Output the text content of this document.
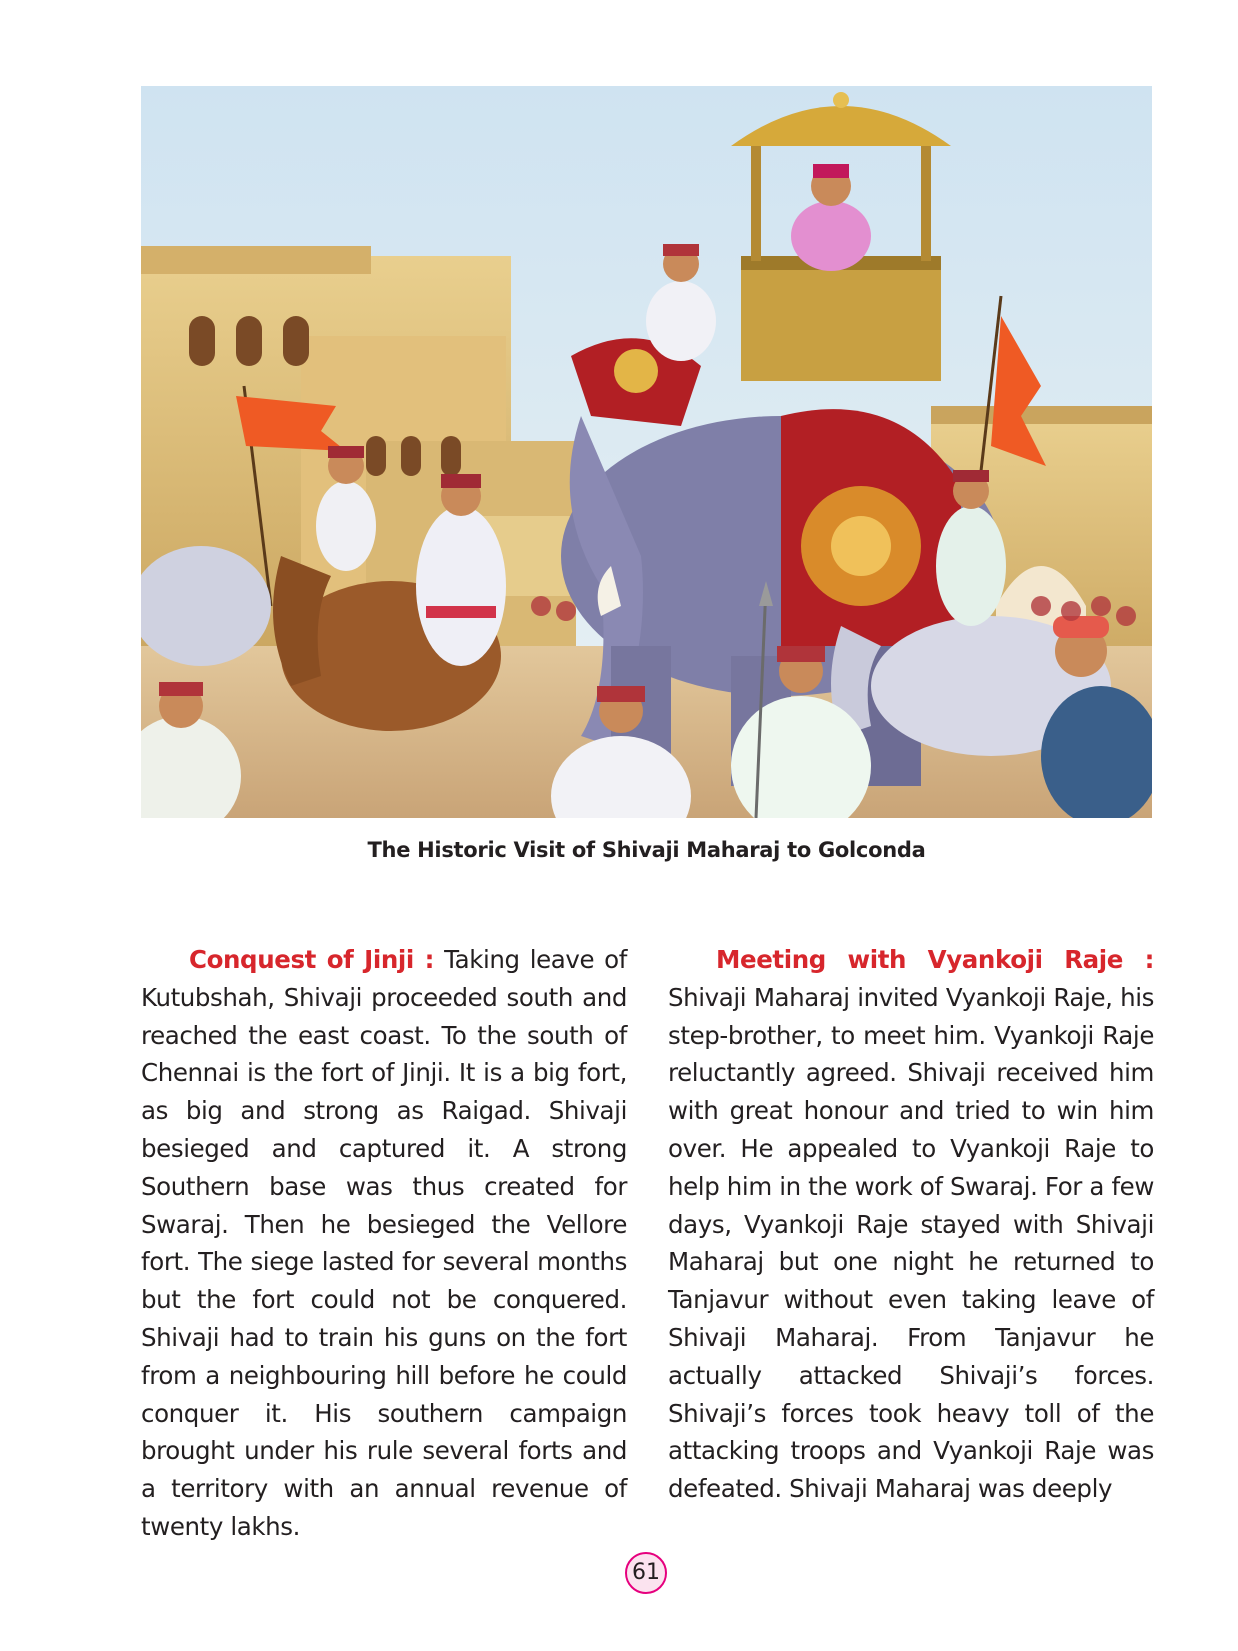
The Historic Visit of Shivaji Maharaj to Golconda

Conquest of Jinji : Taking leave of Kutubshah, Shivaji proceeded south and reached the east coast. To the south of Chennai is the fort of Jinji. It is a big fort, as big and strong as Raigad. Shivaji besieged and captured it. A strong Southern base was thus created for Swaraj. Then he besieged the Vellore fort. The siege lasted for several months but the fort could not be conquered. Shivaji had to train his guns on the fort from a neighbouring hill before he could conquer it. His southern campaign brought under his rule several forts and a territory with an annual revenue of twenty lakhs.

Meeting with Vyankoji Raje : Shivaji Maharaj invited Vyankoji Raje, his step-brother, to meet him. Vyankoji Raje reluctantly agreed. Shivaji received him with great honour and tried to win him over. He appealed to Vyankoji Raje to help him in the work of Swaraj. For a few days, Vyankoji Raje stayed with Shivaji Maharaj but one night he returned to Tanjavur without even taking leave of Shivaji Maharaj. From Tanjavur he actually attacked Shivaji’s forces. Shivaji’s forces took heavy toll of the attacking troops and Vyankoji Raje was defeated. Shivaji Maharaj was deeply

61
